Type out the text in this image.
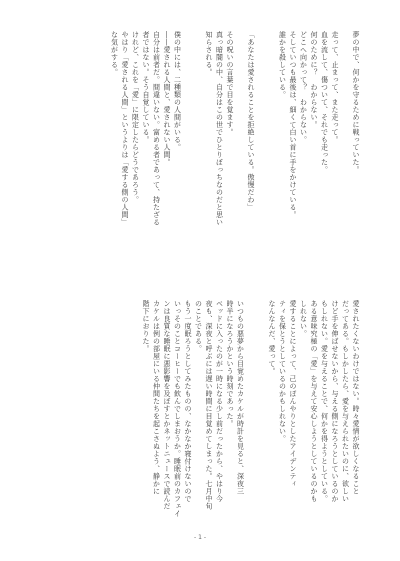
夢の中で、何かを守るために戦っていた。

走って、止まって、また走って。
血を流して、傷ついて、それでも走った。
何のために？　わからない。
どこへ向かって？　わからない。
そしていつも最後は、細くて白い首に手をかけている。
誰かを殺している。

「あなたは愛されることを拒絶している。傲慢だわ」

その呪いの言葉で目を覚ます。
真っ暗闇の中、自分はこの世でひとりぼっちなのだと思い
知らされる。

僕の中には、二種類の人間がいる。
――愛される人間と、愛されない人間。
自分は前者だ。間違いない。富める者であって、持たざる
者ではない。そう自覚している。
けれど、これを「愛」に限定したらどうであろう。
やはり「愛される人間」というよりは「愛する側の人間」
な気がする。
愛されたくないわけではない。時々愛情が欲しくなること
だってある。もしかしたら、愛を与えられたいのに、欲しい
けど手を伸ばせないから、与える側になろうとしているのか
もしれない。愛を与えることで、何かを得ようとしている。
ある意味究極の「愛」を与えて安心しようとしているのかも
しれない。
愛することによって、己のぼんやりとしたアイデンティ
ティを保とうとしているのかもしれない。
なんなんだ、愛って。

いつもの悪夢から目覚めたカケルが時計を見ると、深夜三
時半になろうかという時刻であった。
ベッドに入ったのが一時になる少し前だったから、やはり今
夜も、深夜と呼ぶには遅い時間に目覚めてしまった。七月中旬
のことである。
もう一度眠ろうとしてみたものの、なかなか寝付けないので
いっそのことコーヒーでも飲んでしまおうか。睡眠前のカフェイ
ンは良質な睡眠に悪影響を及ぼすとかネットニュースで読んだ
カケルは例の部屋にいる仲間たちを起こさぬよう、静かに
階下におりた。
- 1 -
